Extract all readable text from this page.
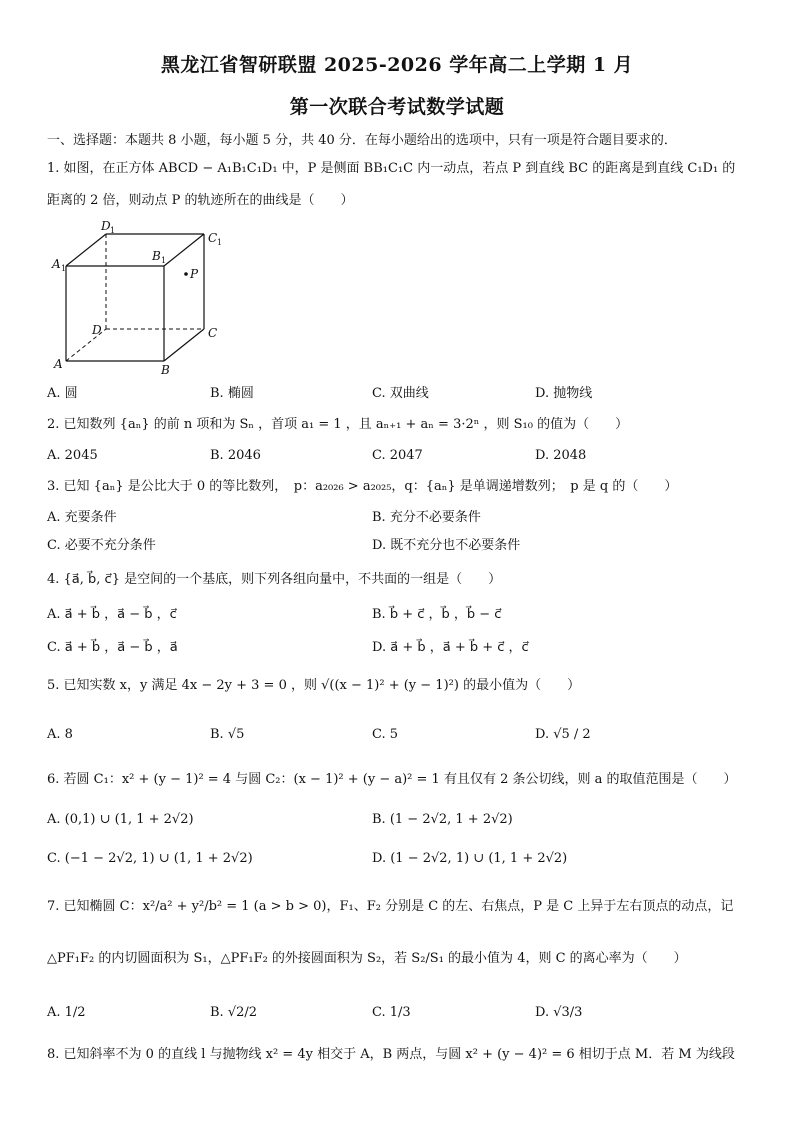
黑龙江省智研联盟 2025-2026 学年高二上学期 1 月
第一次联合考试数学试题
一、选择题：本题共 8 小题，每小题 5 分，共 40 分．在每小题给出的选项中，只有一项是符合题目要求的．
1. 如图，在正方体 ABCD − A₁B₁C₁D₁ 中，P 是侧面 BB₁C₁C 内一动点，若点 P 到直线 BC 的距离是到直线 C₁D₁ 的
距离的 2 倍，则动点 P 的轨迹所在的曲线是（　　）
P
A 1
D 1
B 1
C 1
D	C
A	B
A. 圆	B. 椭圆	C. 双曲线	D. 抛物线
2. 已知数列 {aₙ} 的前 n 项和为 Sₙ ，首项 a₁ = 1 ，且 aₙ₊₁ + aₙ = 3·2ⁿ ，则 S₁₀ 的值为（　　）
A. 2045	B. 2046	C. 2047	D. 2048
3. 已知 {aₙ} 是公比大于 0 的等比数列，　p：a₂₀₂₆ > a₂₀₂₅，q：{aₙ} 是单调递增数列；　p 是 q 的（　　）
A. 充要条件	B. 充分不必要条件
C. 必要不充分条件	D. 既不充分也不必要条件
4. {a⃗, b⃗, c⃗} 是空间的一个基底，则下列各组向量中，不共面的一组是（　　）
A. a⃗ + b⃗ ，a⃗ − b⃗ ，c⃗	B. b⃗ + c⃗ ，b⃗ ，b⃗ − c⃗
C. a⃗ + b⃗ ，a⃗ − b⃗ ，a⃗	D. a⃗ + b⃗ ，a⃗ + b⃗ + c⃗ ，c⃗
5. 已知实数 x，y 满足 4x − 2y + 3 = 0 ，则 √((x − 1)² + (y − 1)²) 的最小值为（　　）
A. 8	B. √5	C. 5	D. √5 / 2
6. 若圆 C₁：x² + (y − 1)² = 4 与圆 C₂：(x − 1)² + (y − a)² = 1 有且仅有 2 条公切线，则 a 的取值范围是（　　）
A. (0,1) ∪ (1, 1 + 2√2)	B. (1 − 2√2, 1 + 2√2)
C. (−1 − 2√2, 1) ∪ (1, 1 + 2√2)	D. (1 − 2√2, 1) ∪ (1, 1 + 2√2)
7. 已知椭圆 C：x²/a² + y²/b² = 1 (a > b > 0)，F₁、F₂ 分别是 C 的左、右焦点，P 是 C 上异于左右顶点的动点，记
△PF₁F₂ 的内切圆面积为 S₁，△PF₁F₂ 的外接圆面积为 S₂，若 S₂/S₁ 的最小值为 4，则 C 的离心率为（　　）
A. 1/2	B. √2/2	C. 1/3	D. √3/3
8. 已知斜率不为 0 的直线 l 与抛物线 x² = 4y 相交于 A，B 两点，与圆 x² + (y − 4)² = 6 相切于点 M．若 M 为线段
